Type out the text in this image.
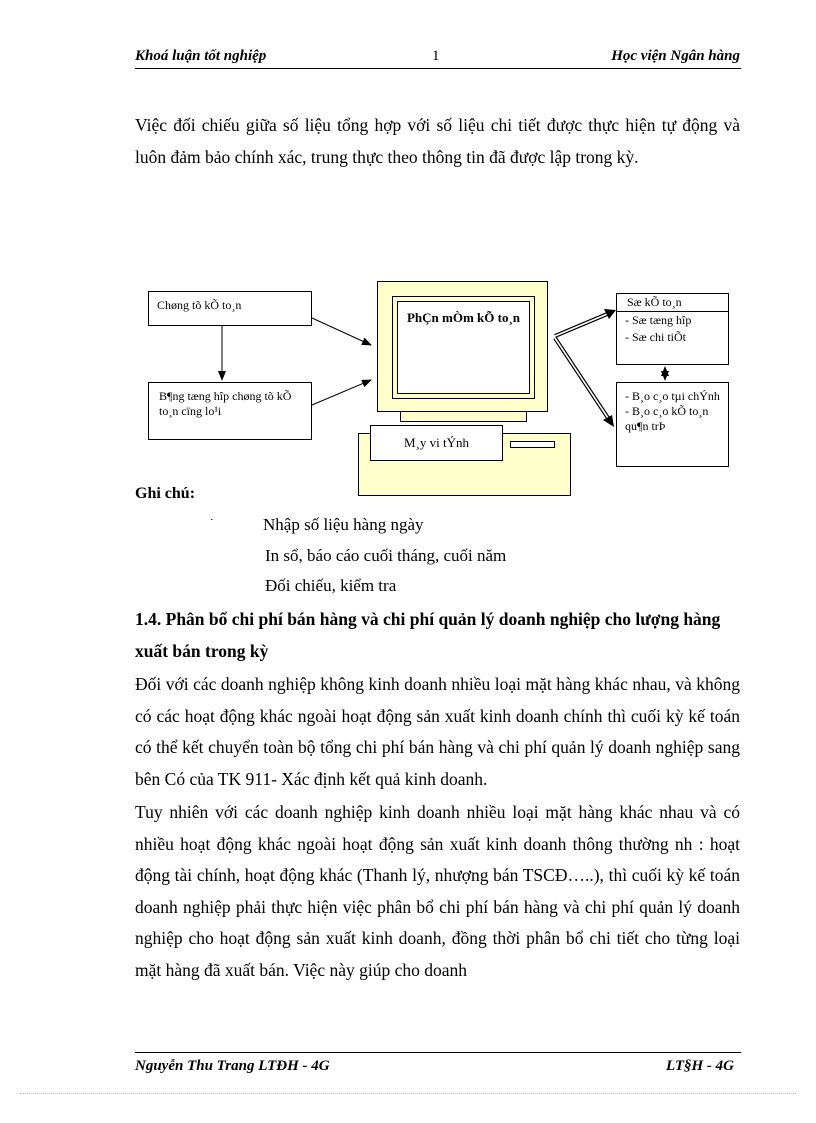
Khoá luận tốt nghiệp	1	Học viện Ngân hàng
Việc đối chiếu giữa số liệu tổng hợp với số liệu chi tiết được thực hiện tự động và luôn đảm bảo chính xác, trung thực theo thông tin đã được lập trong kỳ.
Chøng tõ kÕ to¸n
B¶ng tæng hîp chøng tõ kÕ to¸n cïng lo¹i
PhÇn mÒm kÕ to¸n
M¸y vi tÝnh
Sæ kÕ to¸n
- Sæ tæng hîp
- Sæ chi tiÕt
- B¸o c¸o tµi chÝnh
- B¸o c¸o kÕ to¸n qu¶n trÞ
Ghi chú:
Nhập số liệu hàng ngày
In sổ, báo cáo cuối tháng, cuối năm
Đối chiếu, kiểm tra
1.4. Phân bổ chi phí bán hàng và chi phí quản lý doanh nghiệp cho lượng hàng xuất bán trong kỳ
Đối với các doanh nghiệp không kinh doanh nhiều loại mặt hàng khác nhau, và không có các hoạt động khác ngoài hoạt động sản xuất kinh doanh chính thì cuối kỳ kế toán có thể kết chuyển toàn bộ tổng chi phí bán hàng và chi phí quản lý doanh nghiệp sang bên Có của TK 911- Xác định kết quả kinh doanh.
Tuy nhiên với các doanh nghiệp kinh doanh nhiều loại mặt hàng khác nhau và có nhiều hoạt động khác ngoài hoạt động sản xuất kinh doanh thông thường nh : hoạt động tài chính, hoạt động khác (Thanh lý, nhượng bán TSCĐ…..), thì cuối kỳ kế toán doanh nghiệp phải thực hiện việc phân bổ chi phí bán hàng và chi phí quản lý doanh nghiệp cho hoạt động sản xuất kinh doanh, đồng thời phân bổ chi tiết cho từng loại mặt hàng đã xuất bán. Việc này giúp cho doanh
Nguyễn Thu Trang LTĐH - 4G	LT§H - 4G
